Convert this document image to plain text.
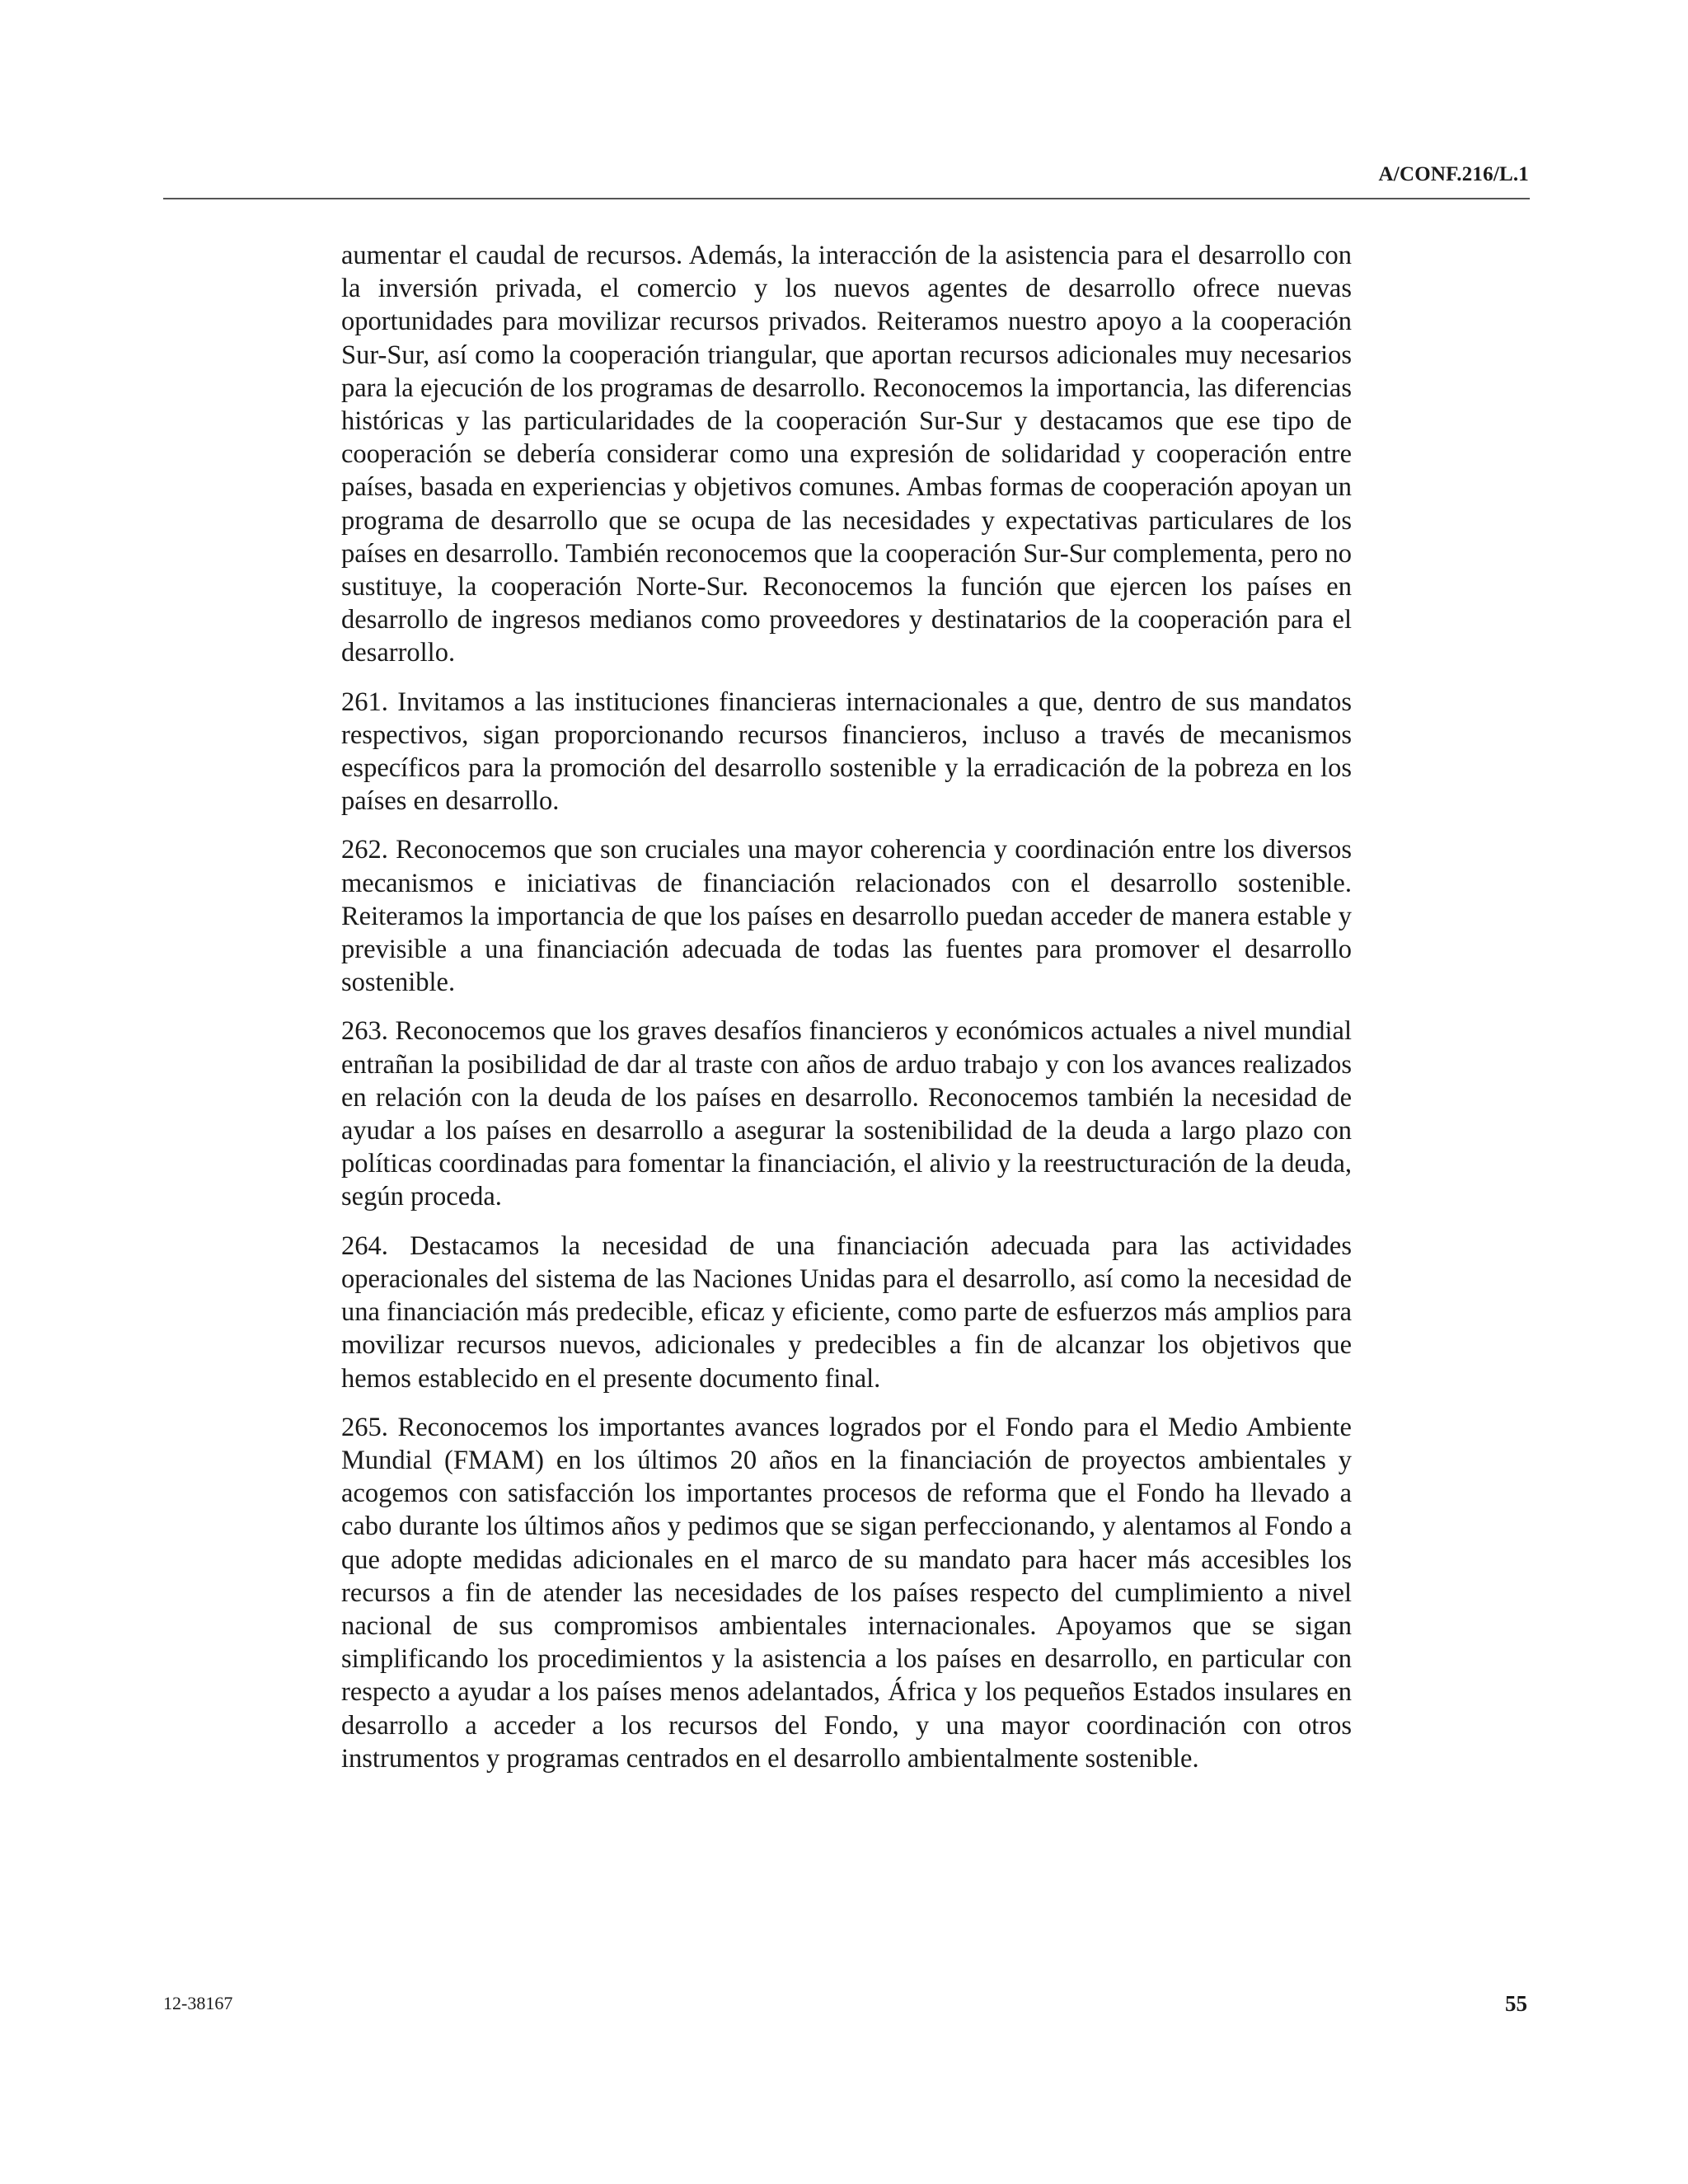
A/CONF.216/L.1

aumentar el caudal de recursos. Además, la interacción de la asistencia para el desarrollo con la inversión privada, el comercio y los nuevos agentes de desarrollo ofrece nuevas oportunidades para movilizar recursos privados. Reiteramos nuestro apoyo a la cooperación Sur-Sur, así como la cooperación triangular, que aportan recursos adicionales muy necesarios para la ejecución de los programas de desarrollo. Reconocemos la importancia, las diferencias históricas y las particularidades de la cooperación Sur-Sur y destacamos que ese tipo de cooperación se debería considerar como una expresión de solidaridad y cooperación entre países, basada en experiencias y objetivos comunes. Ambas formas de cooperación apoyan un programa de desarrollo que se ocupa de las necesidades y expectativas particulares de los países en desarrollo. También reconocemos que la cooperación Sur-Sur complementa, pero no sustituye, la cooperación Norte-Sur. Reconocemos la función que ejercen los países en desarrollo de ingresos medianos como proveedores y destinatarios de la cooperación para el desarrollo.

261. Invitamos a las instituciones financieras internacionales a que, dentro de sus mandatos respectivos, sigan proporcionando recursos financieros, incluso a través de mecanismos específicos para la promoción del desarrollo sostenible y la erradicación de la pobreza en los países en desarrollo.

262. Reconocemos que son cruciales una mayor coherencia y coordinación entre los diversos mecanismos e iniciativas de financiación relacionados con el desarrollo sostenible. Reiteramos la importancia de que los países en desarrollo puedan acceder de manera estable y previsible a una financiación adecuada de todas las fuentes para promover el desarrollo sostenible.

263. Reconocemos que los graves desafíos financieros y económicos actuales a nivel mundial entrañan la posibilidad de dar al traste con años de arduo trabajo y con los avances realizados en relación con la deuda de los países en desarrollo. Reconocemos también la necesidad de ayudar a los países en desarrollo a asegurar la sostenibilidad de la deuda a largo plazo con políticas coordinadas para fomentar la financiación, el alivio y la reestructuración de la deuda, según proceda.

264. Destacamos la necesidad de una financiación adecuada para las actividades operacionales del sistema de las Naciones Unidas para el desarrollo, así como la necesidad de una financiación más predecible, eficaz y eficiente, como parte de esfuerzos más amplios para movilizar recursos nuevos, adicionales y predecibles a fin de alcanzar los objetivos que hemos establecido en el presente documento final.

265. Reconocemos los importantes avances logrados por el Fondo para el Medio Ambiente Mundial (FMAM) en los últimos 20 años en la financiación de proyectos ambientales y acogemos con satisfacción los importantes procesos de reforma que el Fondo ha llevado a cabo durante los últimos años y pedimos que se sigan perfeccionando, y alentamos al Fondo a que adopte medidas adicionales en el marco de su mandato para hacer más accesibles los recursos a fin de atender las necesidades de los países respecto del cumplimiento a nivel nacional de sus compromisos ambientales internacionales. Apoyamos que se sigan simplificando los procedimientos y la asistencia a los países en desarrollo, en particular con respecto a ayudar a los países menos adelantados, África y los pequeños Estados insulares en desarrollo a acceder a los recursos del Fondo, y una mayor coordinación con otros instrumentos y programas centrados en el desarrollo ambientalmente sostenible.

12-38167	55
